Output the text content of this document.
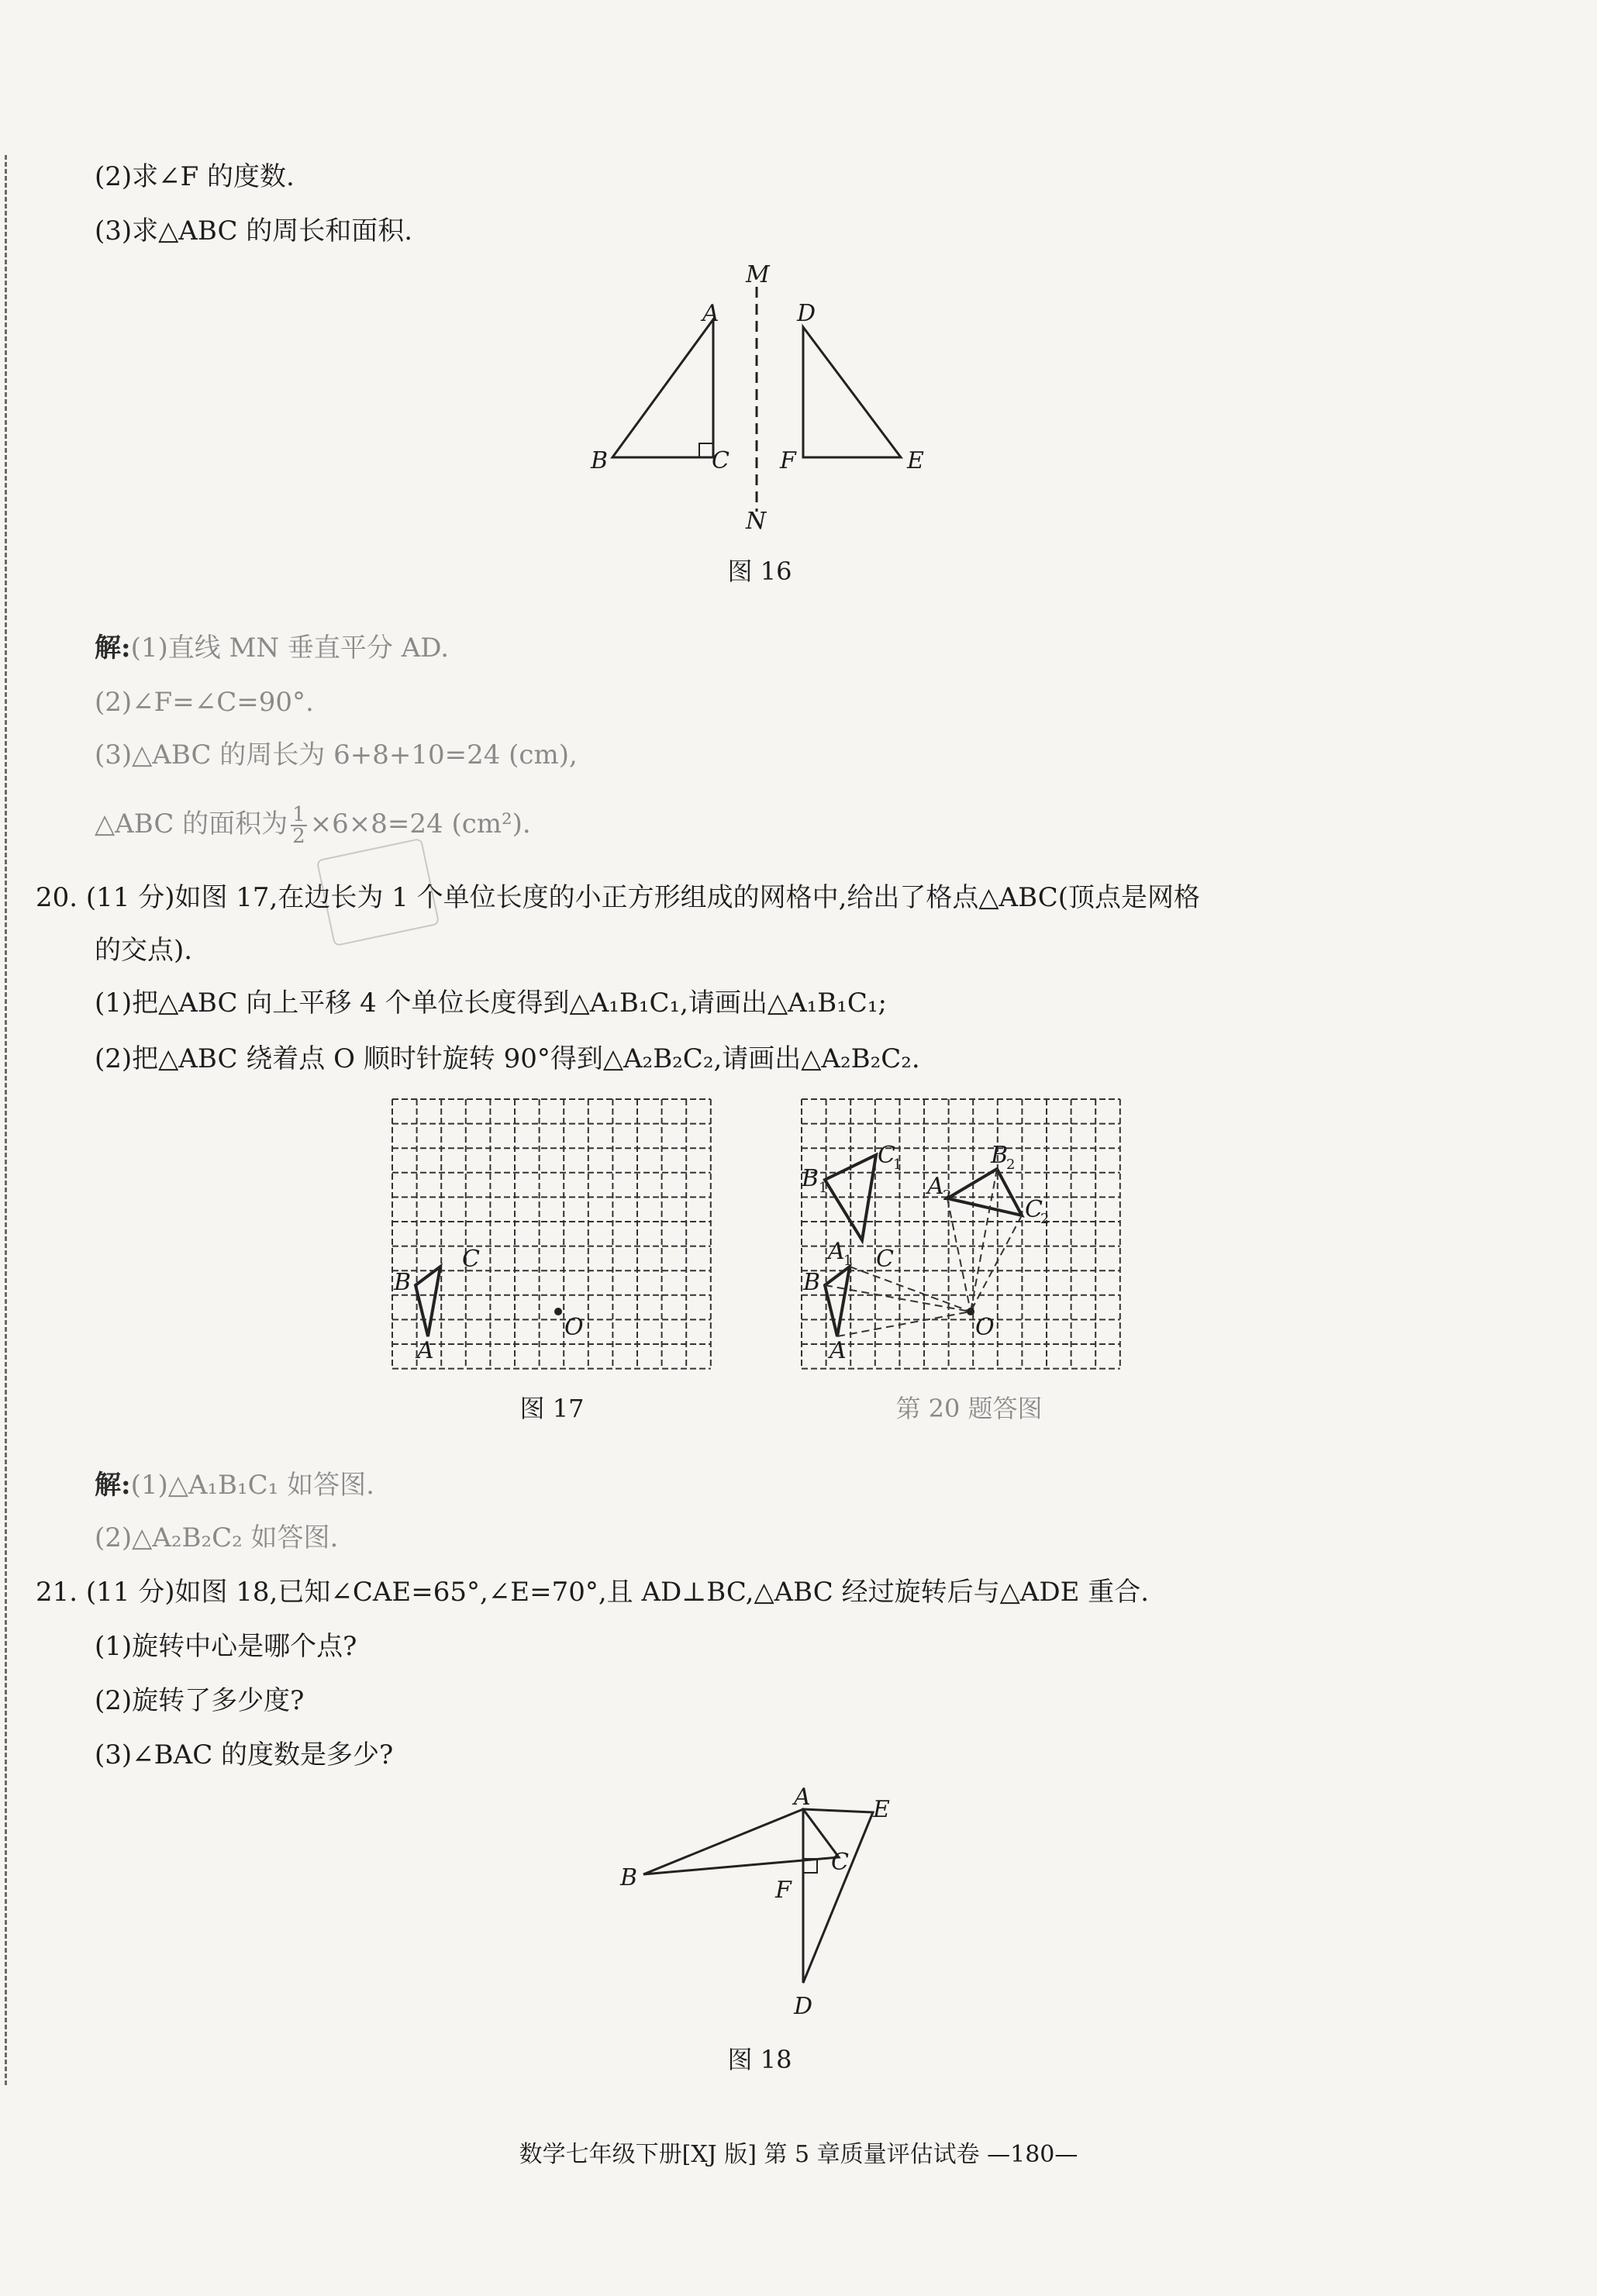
(2)求∠F 的度数.
(3)求△ABC 的周长和面积.
M
N
A
B	C
D
E
F
图 16
解:(1)直线 MN 垂直平分 AD.
(2)∠F=∠C=90°.
(3)△ABC 的周长为 6+8+10=24 (cm),
△ABC 的面积为 $\frac{1}{2} \times 6\times 8=24$ (cm²).
20. (11 分)如图 17,在边长为 1 个单位长度的小正方形组成的网格中,给出了格点△ABC(顶点是网格
的交点).
(1)把△ABC 向上平移 4 个单位长度得到△A₁B₁C₁,请画出△A₁B₁C₁;
(2)把△ABC 绕着点 O 顺时针旋转 90°得到△A₂B₂C₂,请画出△A₂B₂C₂.
B
C
A
O
B
C
A
O
B 1
C
1
A
1
A
2
B
2
C
2
图 17	第 20 题答图
解:(1)△A₁B₁C₁ 如答图.
(2)△A₂B₂C₂ 如答图.
21. (11 分)如图 18,已知∠CAE=65°,∠E=70°,且 AD⊥BC,△ABC 经过旋转后与△ADE 重合.
(1)旋转中心是哪个点?
(2)旋转了多少度?
(3)∠BAC 的度数是多少?
A
B
C
D
E
F
图 18
数学七年级下册[XJ 版] 第 5 章质量评估试卷 —180—
